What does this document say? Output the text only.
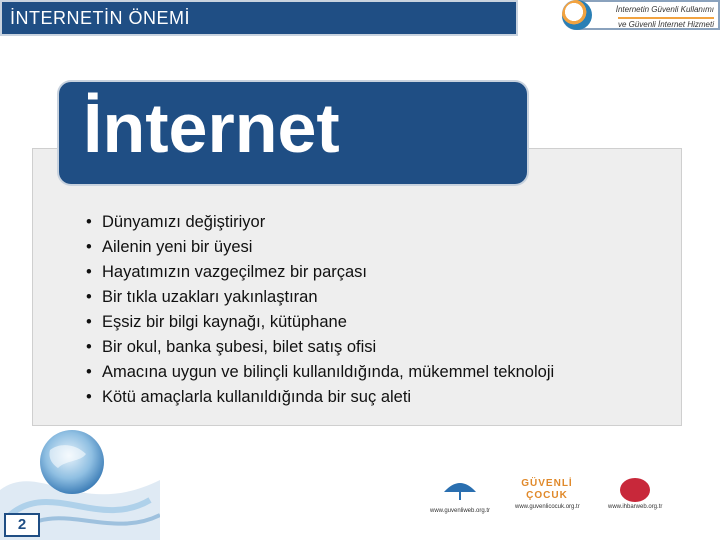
İNTERNETİN ÖNEMİ	İnternetin Güvenli Kullanımı
ve Güvenli İnternet Hizmeti
İnternet
• Dünyamızı değiştiriyor
• Ailenin yeni bir üyesi
• Hayatımızın vazgeçilmez bir parçası
• Bir tıkla uzakları yakınlaştıran
• Eşsiz bir bilgi kaynağı, kütüphane
• Bir okul, banka şubesi, bilet satış ofisi
• Amacına uygun ve bilinçli kullanıldığında, mükemmel teknoloji
• Kötü amaçlarla kullanıldığında bir suç aleti
2
www.guvenliweb.org.tr
GÜVENLİ ÇOCUK
www.guvenlicocuk.org.tr	www.ihbarweb.org.tr
